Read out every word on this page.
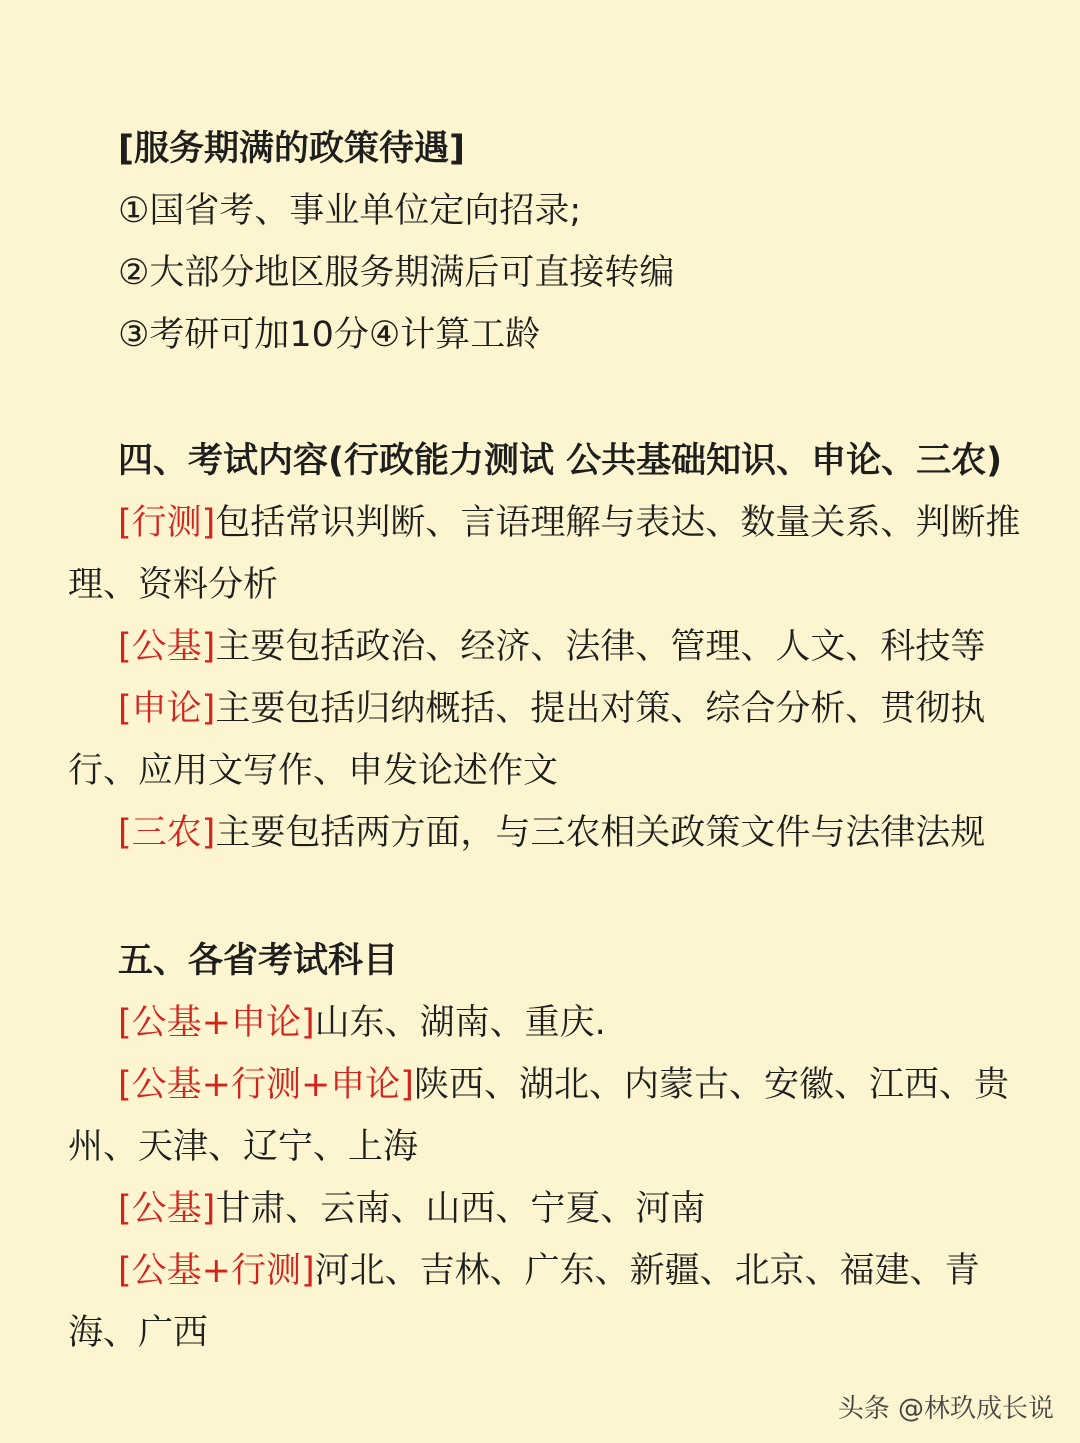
[服务期满的政策待遇]
①国省考、事业单位定向招录;
②大部分地区服务期满后可直接转编
③考研可加10分④计算工龄
四、考试内容(行政能力测试 公共基础知识、申论、三农)
[行测]包括常识判断、言语理解与表达、数量关系、判断推理、资料分析
[公基]主要包括政治、经济、法律、管理、人文、科技等
[申论]主要包括归纳概括、提出对策、综合分析、贯彻执行、应用文写作、申发论述作文
[三农]主要包括两方面，与三农相关政策文件与法律法规
五、各省考试科目
[公基+申论]山东、湖南、重庆.
[公基+行测+申论]陕西、湖北、内蒙古、安徽、江西、贵州、天津、辽宁、上海
[公基]甘肃、云南、山西、宁夏、河南
[公基+行测]河北、吉林、广东、新疆、北京、福建、青海、广西
头条 @林玖成长说
